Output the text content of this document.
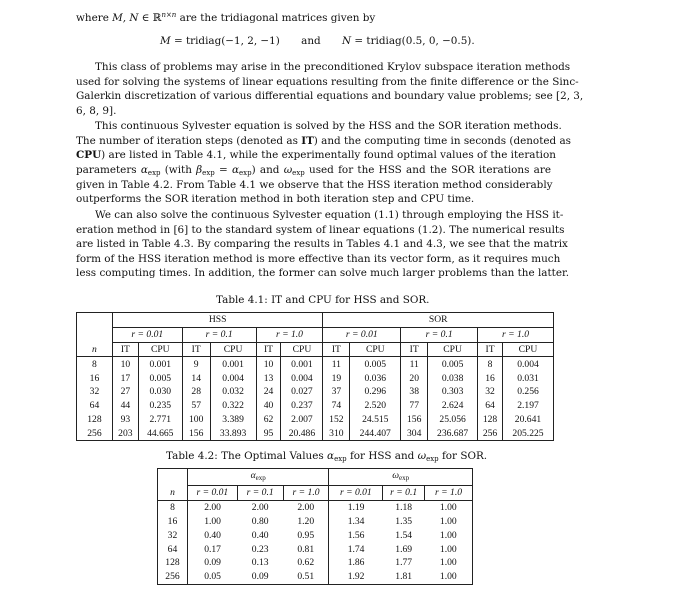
where M, N ∈ ℝ$^{n\times n}$ are the tridiagonal matrices given by
M = tridiag(−1, 2, −1) and N = tridiag(0.5, 0, −0.5).
This class of problems may arise in the preconditioned Krylov subspace iteration methods
used for solving the systems of linear equations resulting from the finite difference or the Sinc-
Galerkin discretization of various differential equations and boundary value problems; see [2, 3,
6, 8, 9].
This continuous Sylvester equation is solved by the HSS and the SOR iteration methods.
The number of iteration steps (denoted as IT) and the computing time in seconds (denoted as
CPU) are listed in Table 4.1, while the experimentally found optimal values of the iteration
parameters $\alpha_{exp}$ (with $\beta_{exp} = \alpha_{exp}$) and $\omega_{exp}$ used for the HSS and the SOR iterations are
given in Table 4.2. From Table 4.1 we observe that the HSS iteration method considerably
outperforms the SOR iteration method in both iteration step and CPU time.
We can also solve the continuous Sylvester equation (1.1) through employing the HSS it-
eration method in [6] to the standard system of linear equations (1.2). The numerical results
are listed in Table 4.3. By comparing the results in Tables 4.1 and 4.3, we see that the matrix
form of the HSS iteration method is more effective than its vector form, as it requires much
less computing times. In addition, the former can solve much larger problems than the latter.
Table 4.1: IT and CPU for HSS and SOR.
	HSS						SOR					
	r = 0.01		r = 0.1		r = 1.0		r = 0.01		r = 0.1		r = 1.0	
n	IT	CPU	IT	CPU	IT	CPU	IT	CPU	IT	CPU	IT	CPU
8	10	0.001	9	0.001	10	0.001	11	0.005	11	0.005	8	0.004
16	17	0.005	14	0.004	13	0.004	19	0.036	20	0.038	16	0.031
32	27	0.030	28	0.032	24	0.027	37	0.296	38	0.303	32	0.256
64	44	0.235	57	0.322	40	0.237	74	2.520	77	2.624	64	2.197
128	93	2.771	100	3.389	62	2.007	152	24.515	156	25.056	128	20.641
256	203	44.665	156	33.893	95	20.486	310	244.407	304	236.687	256	205.225
Table 4.2: The Optimal Values $\alpha_{exp}$ for HSS and $\omega_{exp}$ for SOR.
	$\alpha_{exp}$			$\omega_{exp}$
n	r = 0.01	r = 0.1	r = 1.0	r = 0.01	r = 0.1	r = 1.0
8	2.00	2.00	2.00	1.19	1.18	1.00
16	1.00	0.80	1.20	1.34	1.35	1.00
32	0.40	0.40	0.95	1.56	1.54	1.00
64	0.17	0.23	0.81	1.74	1.69	1.00
128	0.09	0.13	0.62	1.86	1.77	1.00
256	0.05	0.09	0.51	1.92	1.81	1.00
